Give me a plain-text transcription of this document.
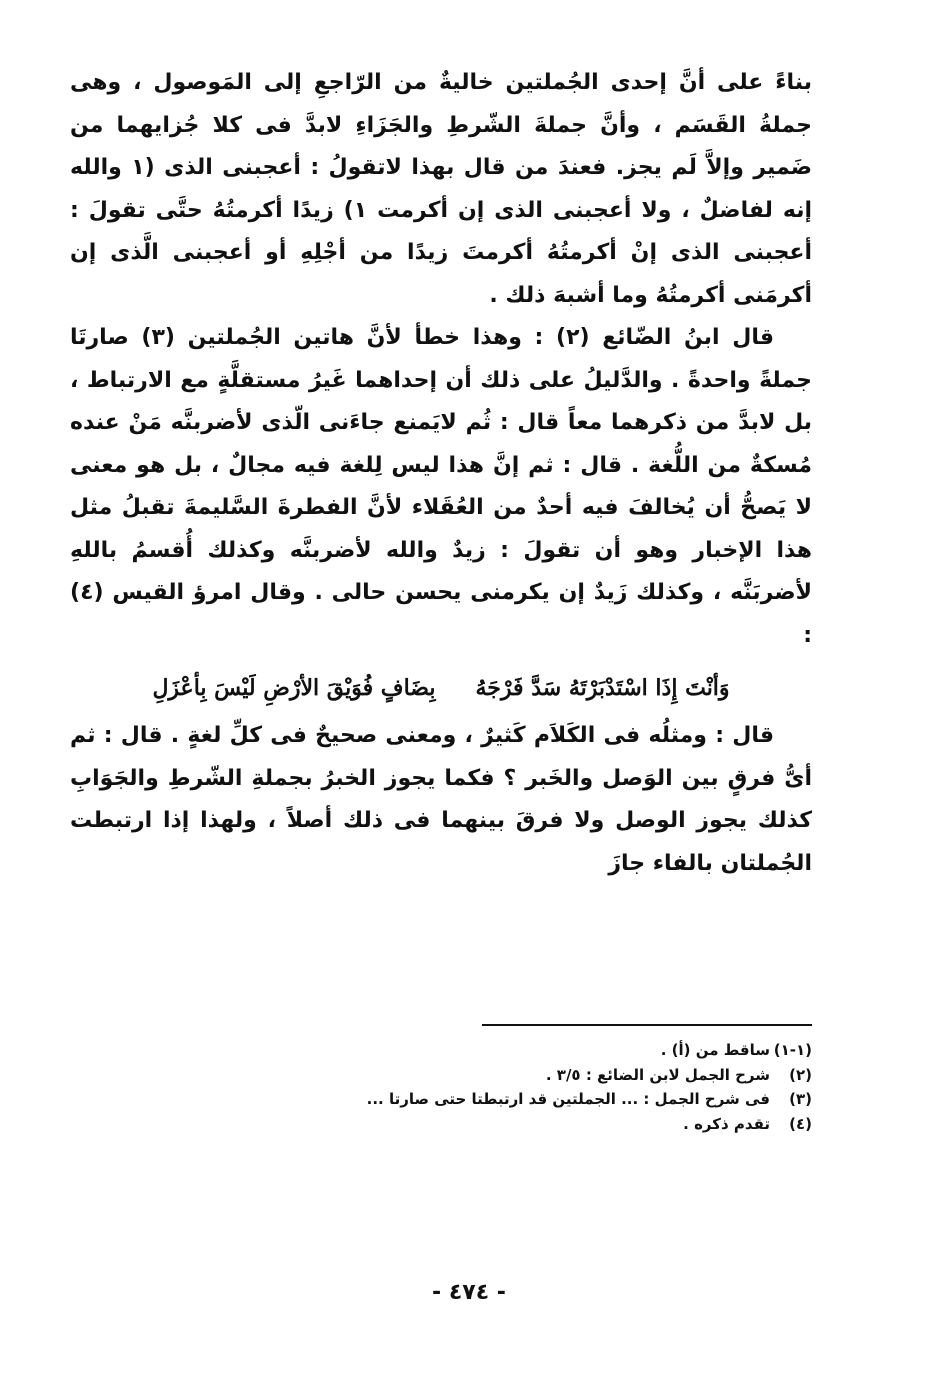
بناءً على أنَّ إحدى الجُملتين خاليةٌ من الرّاجعِ إلى المَوصول ، وهى جملةُ القَسَم ، وأنَّ جملةَ الشّرطِ والجَزَاءِ لابدَّ فى كلا جُزايهما من ضَمير وإلاَّ لَم يجز. فعندَ من قال بهذا لاتقولُ : أعجبنى الذى (١ والله إنه لفاضلٌ ، ولا أعجبنى الذى إن أكرمت ١) زيدًا أكرمتُهُ حتَّى تقولَ : أعجبنى الذى إنْ أكرمتُهُ أكرمتَ زيدًا من أجْلِهِ أو أعجبنى الَّذى إن أكرمَنى أكرمتُهُ وما أشبهَ ذلك .

قال ابنُ الضّائع (٢) : وهذا خطأ لأنَّ هاتين الجُملتين (٣) صارتَا جملةً واحدةً . والدَّليلُ على ذلك أن إحداهما غَيرُ مستقلَّةٍ مع الارتباط ، بل لابدَّ من ذكرهما معاً قال : ثُم لايَمنع جاءَنى الّذى لأضربنَّه مَنْ عنده مُسكةٌ من اللُّغة . قال : ثم إنَّ هذا ليس لِلغة فيه مجالٌ ، بل هو معنى لا يَصحُّ أن يُخالفَ فيه أحدٌ من العُقَلاء لأنَّ الفطرةَ السَّليمةَ تقبلُ مثل هذا الإخبار وهو أن تقولَ : زيدٌ والله لأضربنَّه وكذلك أُقسمُ باللهِ لأضربَنَّه ، وكذلك زَيدٌ إن يكرمنى يحسن حالى . وقال امرؤ القيس (٤) :

وَأنْتَ إِذَا اسْتَدْبَرْتَهُ سَدَّ فَرْجَهُ
بِضَافٍ فُوَيْقَ الأرْضِ لَيْسَ بِأعْزَلِ

قال : ومثلُه فى الكَلاَم كَثيرٌ ، ومعنى صحيحٌ فى كلِّ لغةٍ . قال : ثم أىُّ فرقٍ بين الوَصل والخَبر ؟ فكما يجوز الخبرُ بجملةِ الشّرطِ والجَوَابِ كذلك يجوز الوصل ولا فرقَ بينهما فى ذلك أصلاً ، ولهذا إذا ارتبطت الجُملتان بالفاء جازَ

(١-١)
ساقط من (أ) .
(٢)
شرح الجمل لابن الضائع : ٣/٥ .
(٣)
فى شرح الجمل : ... الجملتين قد ارتبطتا حتى صارتا ...
(٤)
تقدم ذكره .
- ٤٧٤ -
